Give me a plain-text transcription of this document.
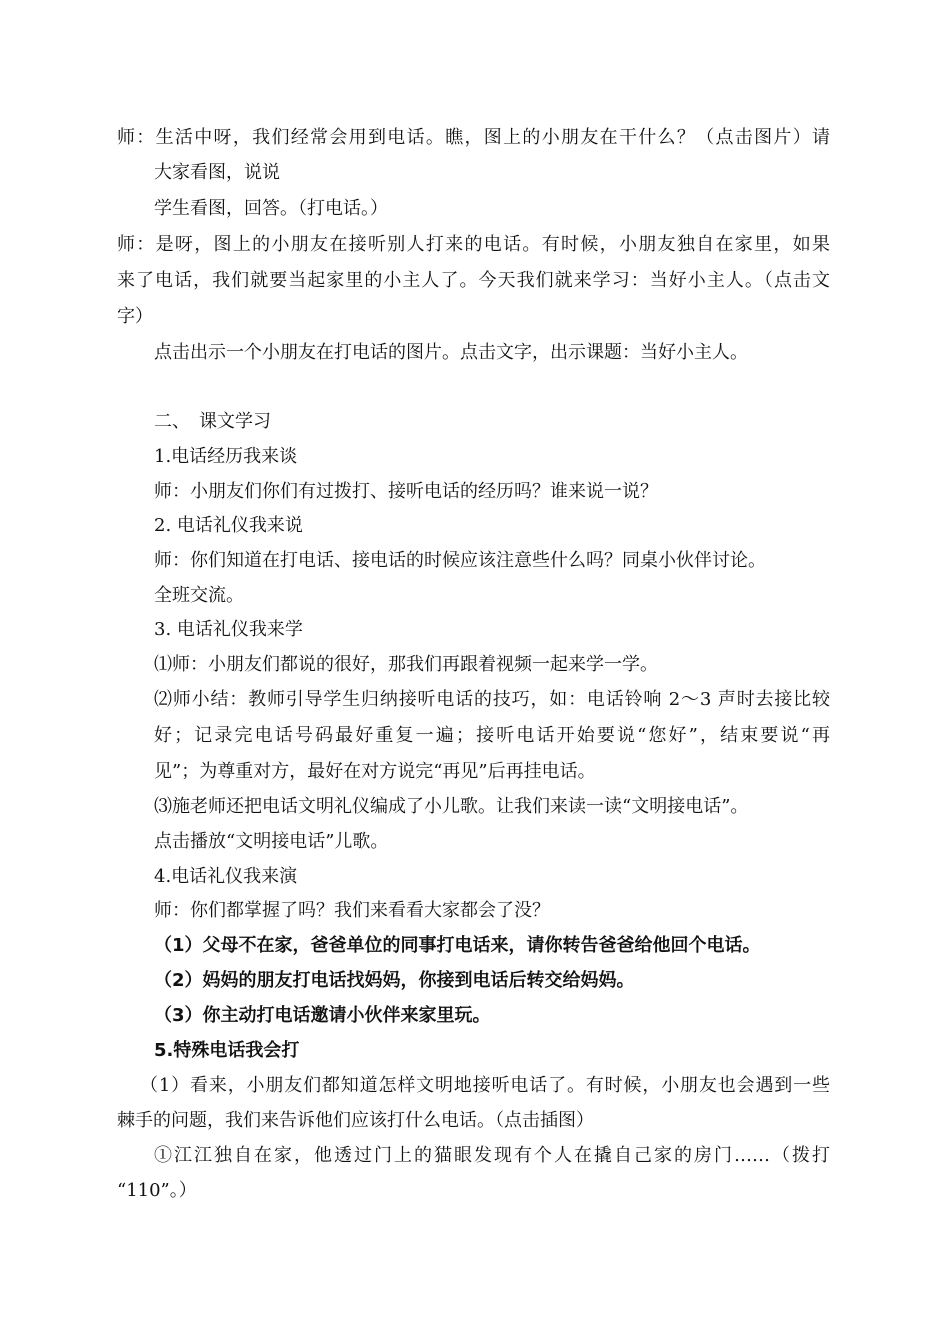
师：生活中呀，我们经常会用到电话。瞧，图上的小朋友在干什么？（点击图片）请
大家看图，说说
学生看图，回答。（打电话。）
师：是呀，图上的小朋友在接听别人打来的电话。有时候，小朋友独自在家里，如果
来了电话，我们就要当起家里的小主人了。今天我们就来学习：当好小主人。（点击文
字）
点击出示一个小朋友在打电话的图片。点击文字，出示课题：当好小主人。
二、　课文学习
1.电话经历我来谈
师：小朋友们你们有过拨打、接听电话的经历吗？谁来说一说？
2. 电话礼仪我来说
师：你们知道在打电话、接电话的时候应该注意些什么吗？同桌小伙伴讨论。
全班交流。
3. 电话礼仪我来学
⑴师：小朋友们都说的很好，那我们再跟着视频一起来学一学。
⑵师小结：教师引导学生归纳接听电话的技巧，如：电话铃响 2～3 声时去接比较
好；记录完电话号码最好重复一遍；接听电话开始要说“您好”，结束要说“再
见”；为尊重对方，最好在对方说完“再见”后再挂电话。
⑶施老师还把电话文明礼仪编成了小儿歌。让我们来读一读“文明接电话”。
点击播放“文明接电话”儿歌。
4.电话礼仪我来演
师：你们都掌握了吗？我们来看看大家都会了没？
（1）父母不在家，爸爸单位的同事打电话来，请你转告爸爸给他回个电话。
（2）妈妈的朋友打电话找妈妈，你接到电话后转交给妈妈。
（3）你主动打电话邀请小伙伴来家里玩。
5.特殊电话我会打
（1）看来，小朋友们都知道怎样文明地接听电话了。有时候，小朋友也会遇到一些
棘手的问题，我们来告诉他们应该打什么电话。（点击插图）
①江江独自在家，他透过门上的猫眼发现有个人在撬自己家的房门……（拨打
“110”。）
